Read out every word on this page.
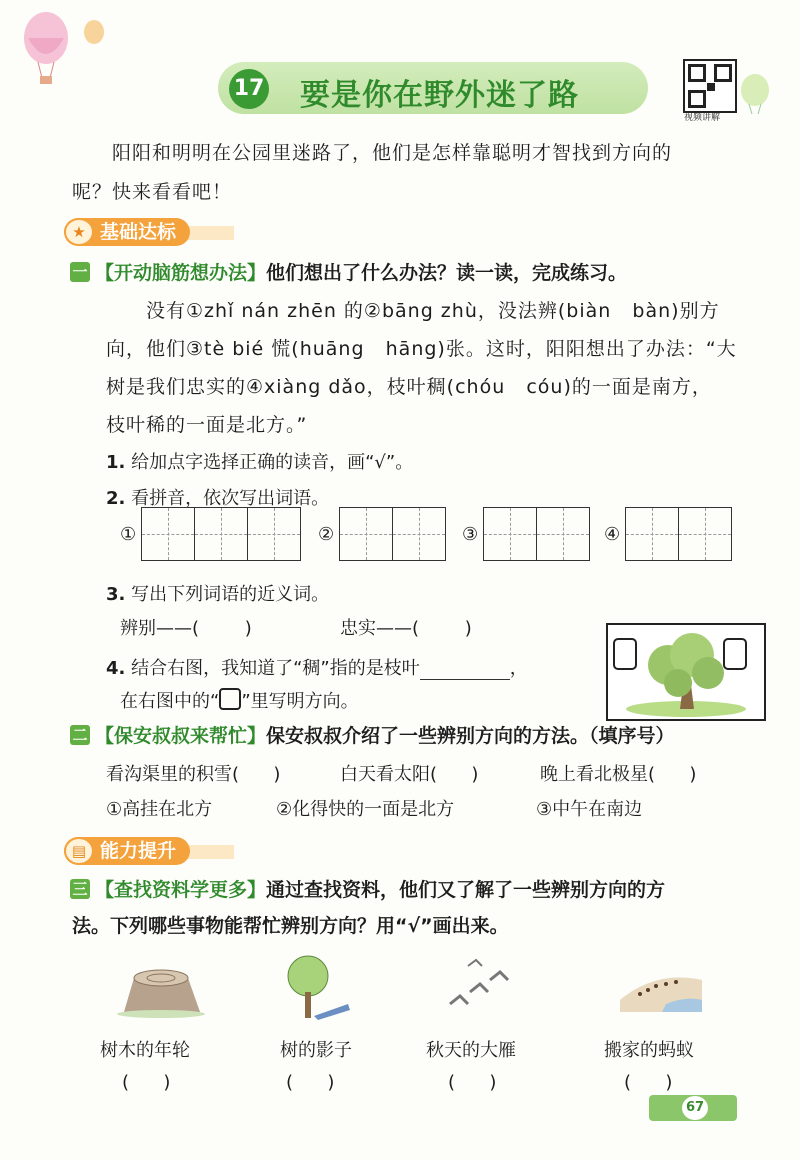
17 要是你在野外迷了路
视频讲解
阳阳和明明在公园里迷路了，他们是怎样靠聪明才智找到方向的
呢？快来看看吧！
基础达标
★
一 【开动脑筋想办法】他们想出了什么办法？读一读，完成练习。
没有①zhǐ nán zhēn 的②bāng zhù，没法辨(biàn   bàn)别方
向，他们③tè bié 慌(huāng   hāng)张。这时，阳阳想出了办法：“大
树是我们忠实的④xiàng dǎo，枝叶稠(chóu   cóu)的一面是南方，
枝叶稀的一面是北方。”
1. 给加点字选择正确的读音，画“√”。
2. 看拼音，依次写出词语。
①	②	③	④
3. 写出下列词语的近义词。
辨别——(        )	忠实——(        )
4. 结合右图，我知道了“稠”指的是枝叶	，
在右图中的“ ”里写明方向。
二 【保安叔叔来帮忙】保安叔叔介绍了一些辨别方向的方法。（填序号）
看沟渠里的积雪(      )	白天看太阳(      )	晚上看北极星(      )
①高挂在北方	②化得快的一面是北方	③中午在南边
能力提升
▤
三 【查找资料学更多】通过查找资料，他们又了解了一些辨别方向的方
法。下列哪些事物能帮忙辨别方向？用“√”画出来。
树木的年轮	树的影子	秋天的大雁	搬家的蚂蚁
(      )	(      )	(      )	(      )
67
